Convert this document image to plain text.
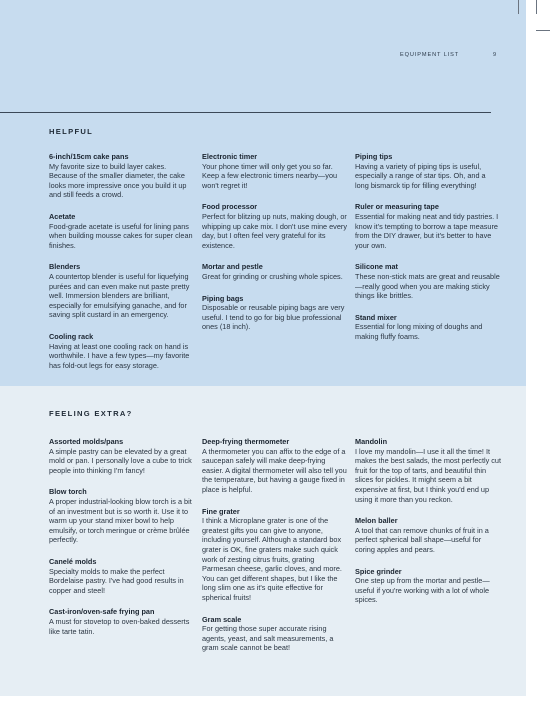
EQUIPMENT LIST	9
HELPFUL
6-inch/15cm cake pans

My favorite size to build layer cakes. Because of the smaller diameter, the cake looks more impressive once you build it up and still feeds a crowd.

Acetate

Food-grade acetate is useful for lining pans when building mousse cakes for super clean finishes.

Blenders

A countertop blender is useful for liquefying purées and can even make nut paste pretty well. Immersion blenders are brilliant, especially for emulsifying ganache, and for saving split custard in an emergency.

Cooling rack

Having at least one cooling rack on hand is worthwhile. I have a few types—my favorite has fold-out legs for easy storage.

Electronic timer

Your phone timer will only get you so far. Keep a few electronic timers nearby—you won't regret it!

Food processor

Perfect for blitzing up nuts, making dough, or whipping up cake mix. I don't use mine every day, but I often feel very grateful for its existence.

Mortar and pestle

Great for grinding or crushing whole spices.

Piping bags

Disposable or reusable piping bags are very useful. I tend to go for big blue professional ones (18 inch).

Piping tips

Having a variety of piping tips is useful, especially a range of star tips. Oh, and a long bismarck tip for filling everything!

Ruler or measuring tape

Essential for making neat and tidy pastries. I know it's tempting to borrow a tape measure from the DIY drawer, but it's better to have your own.

Silicone mat

These non-stick mats are great and reusable—really good when you are making sticky things like brittles.

Stand mixer

Essential for long mixing of doughs and making fluffy foams.

FEELING EXTRA?
Assorted molds/pans

A simple pastry can be elevated by a great mold or pan. I personally love a cube to trick people into thinking I'm fancy!

Blow torch

A proper industrial-looking blow torch is a bit of an investment but is so worth it. Use it to warm up your stand mixer bowl to help emulsify, or torch meringue or crème brûlée perfectly.

Canelé molds

Specialty molds to make the perfect Bordelaise pastry. I've had good results in copper and steel!

Cast-iron/oven-safe frying pan

A must for stovetop to oven-baked desserts like tarte tatin.

Deep-frying thermometer

A thermometer you can affix to the edge of a saucepan safely will make deep-frying easier. A digital thermometer will also tell you the temperature, but having a gauge fixed in place is helpful.

Fine grater

I think a Microplane grater is one of the greatest gifts you can give to anyone, including yourself. Although a standard box grater is OK, fine graters make such quick work of zesting citrus fruits, grating Parmesan cheese, garlic cloves, and more. You can get different shapes, but I like the long slim one as it's quite effective for spherical fruits!

Gram scale

For getting those super accurate rising agents, yeast, and salt measurements, a gram scale cannot be beat!

Mandolin

I love my mandolin—I use it all the time! It makes the best salads, the most perfectly cut fruit for the top of tarts, and beautiful thin slices for pickles. It might seem a bit expensive at first, but I think you'd end up using it more than you reckon.

Melon baller

A tool that can remove chunks of fruit in a perfect spherical ball shape—useful for coring apples and pears.

Spice grinder

One step up from the mortar and pestle—useful if you're working with a lot of whole spices.
